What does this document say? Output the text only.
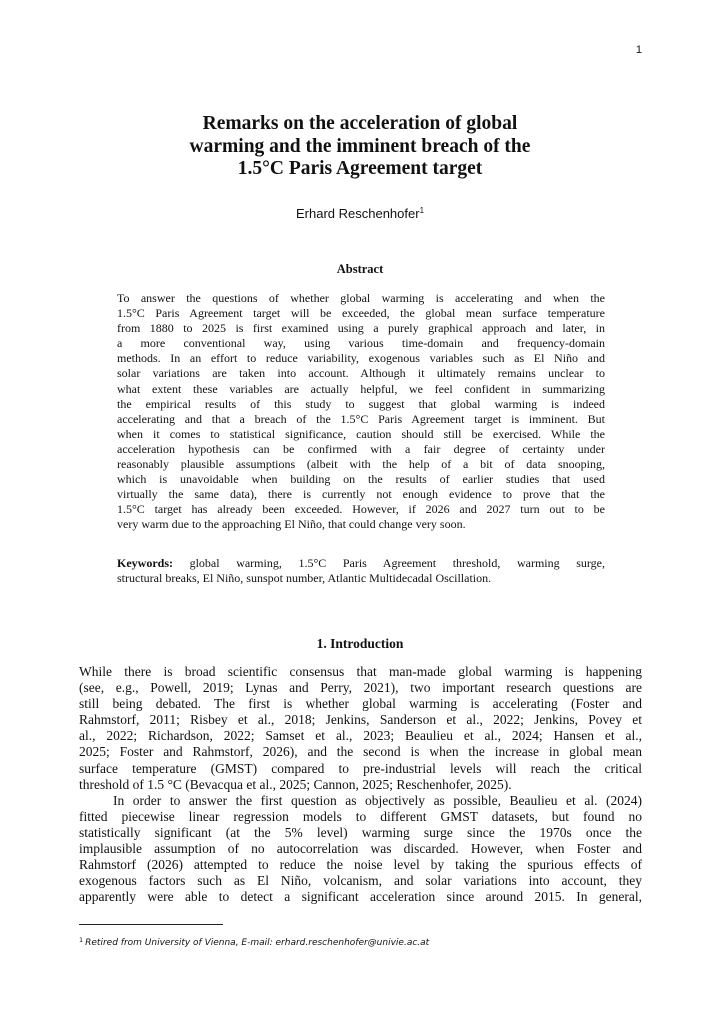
1
Remarks on the acceleration of global
warming and the imminent breach of the
1.5°C Paris Agreement target
Erhard Reschenhofer$^1$
Abstract
To answer the questions of whether global warming is accelerating and when the
1.5°C Paris Agreement target will be exceeded, the global mean surface temperature
from 1880 to 2025 is first examined using a purely graphical approach and later, in
a more conventional way, using various time-domain and frequency-domain
methods. In an effort to reduce variability, exogenous variables such as El Niño and
solar variations are taken into account. Although it ultimately remains unclear to
what extent these variables are actually helpful, we feel confident in summarizing
the empirical results of this study to suggest that global warming is indeed
accelerating and that a breach of the 1.5°C Paris Agreement target is imminent. But
when it comes to statistical significance, caution should still be exercised. While the
acceleration hypothesis can be confirmed with a fair degree of certainty under
reasonably plausible assumptions (albeit with the help of a bit of data snooping,
which is unavoidable when building on the results of earlier studies that used
virtually the same data), there is currently not enough evidence to prove that the
1.5°C target has already been exceeded. However, if 2026 and 2027 turn out to be
very warm due to the approaching El Niño, that could change very soon.
Keywords: global warming, 1.5°C Paris Agreement threshold, warming surge,
structural breaks, El Niño, sunspot number, Atlantic Multidecadal Oscillation.
1. Introduction
While there is broad scientific consensus that man-made global warming is happening
(see, e.g., Powell, 2019; Lynas and Perry, 2021), two important research questions are
still being debated. The first is whether global warming is accelerating (Foster and
Rahmstorf, 2011; Risbey et al., 2018; Jenkins, Sanderson et al., 2022; Jenkins, Povey et
al., 2022; Richardson, 2022; Samset et al., 2023; Beaulieu et al., 2024; Hansen et al.,
2025; Foster and Rahmstorf, 2026), and the second is when the increase in global mean
surface temperature (GMST) compared to pre-industrial levels will reach the critical
threshold of 1.5 °C (Bevacqua et al., 2025; Cannon, 2025; Reschenhofer, 2025).
In order to answer the first question as objectively as possible, Beaulieu et al. (2024)
fitted piecewise linear regression models to different GMST datasets, but found no
statistically significant (at the 5% level) warming surge since the 1970s once the
implausible assumption of no autocorrelation was discarded. However, when Foster and
Rahmstorf (2026) attempted to reduce the noise level by taking the spurious effects of
exogenous factors such as El Niño, volcanism, and solar variations into account, they
apparently were able to detect a significant acceleration since around 2015. In general,
$^1$ Retired from University of Vienna, E-mail: erhard.reschenhofer@univie.ac.at
